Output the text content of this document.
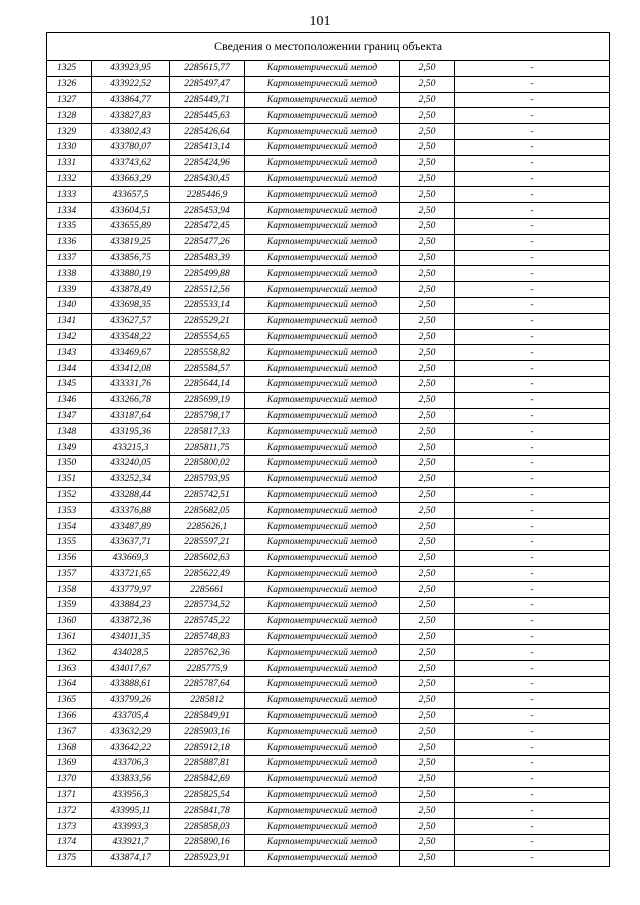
101
Сведения о местоположении границ объекта					
1325	433923,95	2285615,77	Картометрический метод	2,50	-
1326	433922,52	2285497,47	Картометрический метод	2,50	-
1327	433864,77	2285449,71	Картометрический метод	2,50	-
1328	433827,83	2285445,63	Картометрический метод	2,50	-
1329	433802,43	2285426,64	Картометрический метод	2,50	-
1330	433780,07	2285413,14	Картометрический метод	2,50	-
1331	433743,62	2285424,96	Картометрический метод	2,50	-
1332	433663,29	2285430,45	Картометрический метод	2,50	-
1333	433657,5	2285446,9	Картометрический метод	2,50	-
1334	433604,51	2285453,94	Картометрический метод	2,50	-
1335	433655,89	2285472,45	Картометрический метод	2,50	-
1336	433819,25	2285477,26	Картометрический метод	2,50	-
1337	433856,75	2285483,39	Картометрический метод	2,50	-
1338	433880,19	2285499,88	Картометрический метод	2,50	-
1339	433878,49	2285512,56	Картометрический метод	2,50	-
1340	433698,35	2285533,14	Картометрический метод	2,50	-
1341	433627,57	2285529,21	Картометрический метод	2,50	-
1342	433548,22	2285554,65	Картометрический метод	2,50	-
1343	433469,67	2285558,82	Картометрический метод	2,50	-
1344	433412,08	2285584,57	Картометрический метод	2,50	-
1345	433331,76	2285644,14	Картометрический метод	2,50	-
1346	433266,78	2285699,19	Картометрический метод	2,50	-
1347	433187,64	2285798,17	Картометрический метод	2,50	-
1348	433195,36	2285817,33	Картометрический метод	2,50	-
1349	433215,3	2285811,75	Картометрический метод	2,50	-
1350	433240,05	2285800,02	Картометрический метод	2,50	-
1351	433252,34	2285793,95	Картометрический метод	2,50	-
1352	433288,44	2285742,51	Картометрический метод	2,50	-
1353	433376,88	2285682,05	Картометрический метод	2,50	-
1354	433487,89	2285626,1	Картометрический метод	2,50	-
1355	433637,71	2285597,21	Картометрический метод	2,50	-
1356	433669,3	2285602,63	Картометрический метод	2,50	-
1357	433721,65	2285622,49	Картометрический метод	2,50	-
1358	433779,97	2285661	Картометрический метод	2,50	-
1359	433884,23	2285734,52	Картометрический метод	2,50	-
1360	433872,36	2285745,22	Картометрический метод	2,50	-
1361	434011,35	2285748,83	Картометрический метод	2,50	-
1362	434028,5	2285762,36	Картометрический метод	2,50	-
1363	434017,67	2285775,9	Картометрический метод	2,50	-
1364	433888,61	2285787,64	Картометрический метод	2,50	-
1365	433799,26	2285812	Картометрический метод	2,50	-
1366	433705,4	2285849,91	Картометрический метод	2,50	-
1367	433632,29	2285903,16	Картометрический метод	2,50	-
1368	433642,22	2285912,18	Картометрический метод	2,50	-
1369	433706,3	2285887,81	Картометрический метод	2,50	-
1370	433833,56	2285842,69	Картометрический метод	2,50	-
1371	433956,3	2285825,54	Картометрический метод	2,50	-
1372	433995,11	2285841,78	Картометрический метод	2,50	-
1373	433993,3	2285858,03	Картометрический метод	2,50	-
1374	433921,7	2285890,16	Картометрический метод	2,50	-
1375	433874,17	2285923,91	Картометрический метод	2,50	-
